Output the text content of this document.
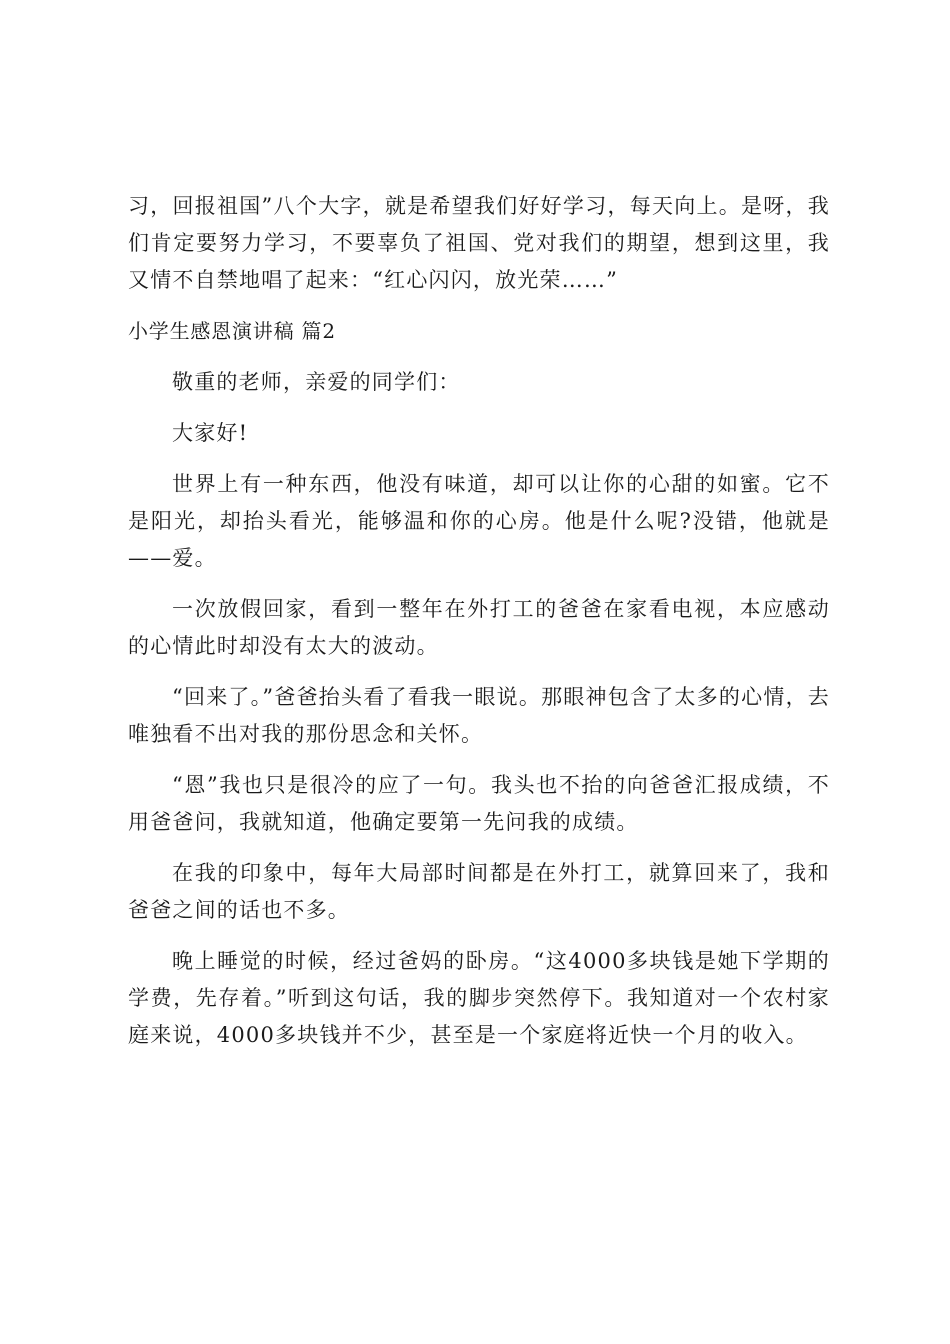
习，回报祖国”八个大字，就是希望我们好好学习，每天向上。是呀，我们肯定要努力学习，不要辜负了祖国、党对我们的期望，想到这里，我又情不自禁地唱了起来：“红心闪闪，放光荣……”

小学生感恩演讲稿 篇2

敬重的老师，亲爱的同学们：

大家好!

世界上有一种东西，他没有味道，却可以让你的心甜的如蜜。它不是阳光，却抬头看光，能够温和你的心房。他是什么呢?没错，他就是——爱。

一次放假回家，看到一整年在外打工的爸爸在家看电视，本应感动的心情此时却没有太大的波动。

“回来了。”爸爸抬头看了看我一眼说。那眼神包含了太多的心情，去唯独看不出对我的那份思念和关怀。

“恩”我也只是很冷的应了一句。我头也不抬的向爸爸汇报成绩，不用爸爸问，我就知道，他确定要第一先问我的成绩。

在我的印象中，每年大局部时间都是在外打工，就算回来了，我和爸爸之间的话也不多。

晚上睡觉的时候，经过爸妈的卧房。“这4000多块钱是她下学期的学费，先存着。”听到这句话，我的脚步突然停下。我知道对一个农村家庭来说，4000多块钱并不少，甚至是一个家庭将近快一个月的收入。
